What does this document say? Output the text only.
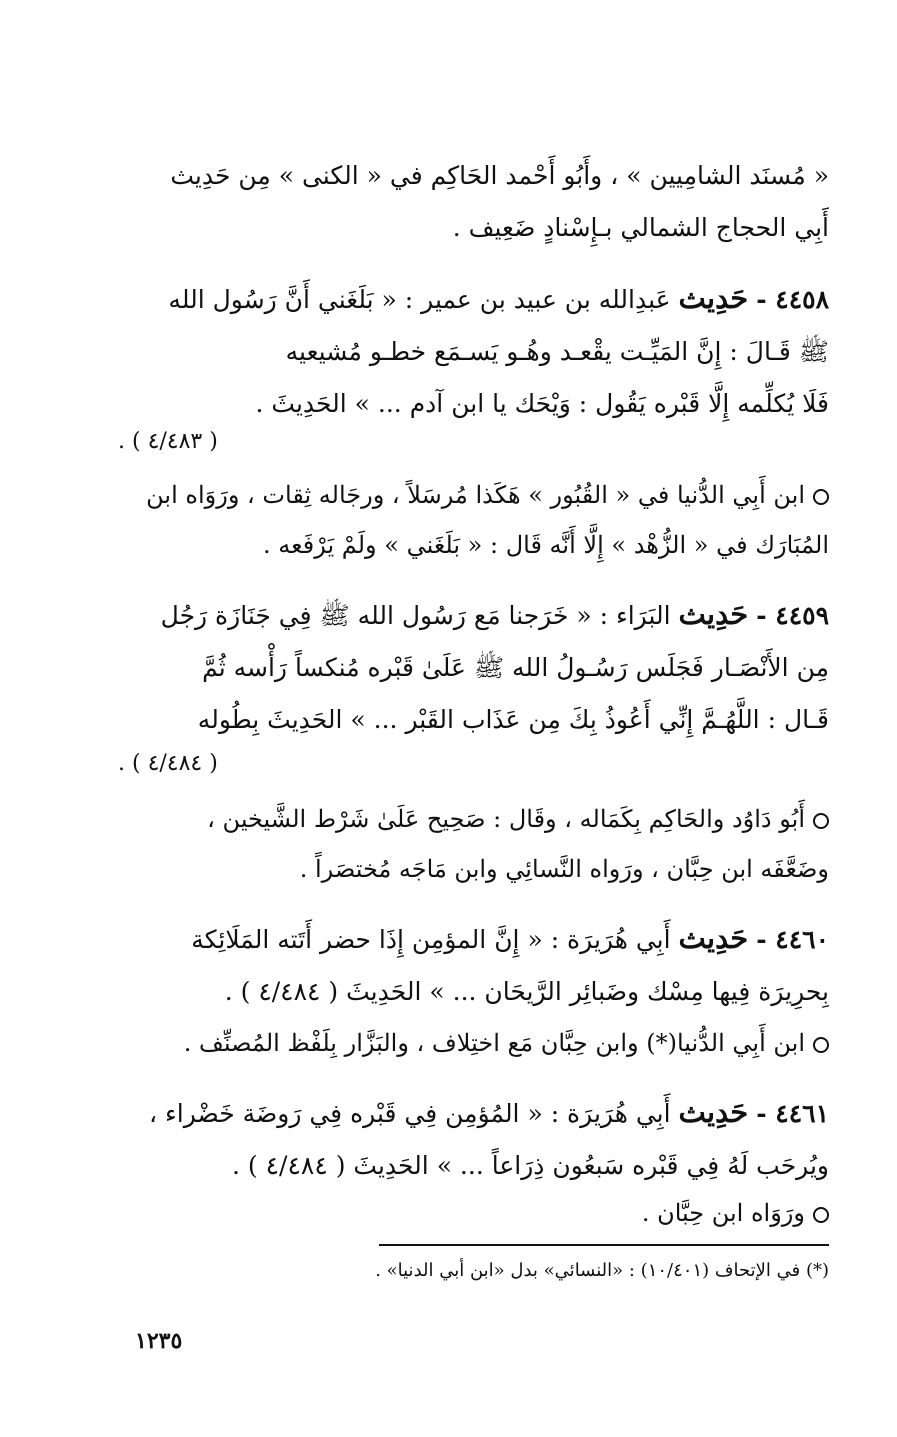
« مُسنَد الشامِيين » ، وأَبُو أَحْمد الحَاكِم في « الكنى » مِن حَدِيث
أَبِي الحجاج الشمالي بـإِسْنادٍ ضَعِيف .
٤٤٥٨ - حَدِيث عَبدِالله بن عبيد بن عمير : « بَلَغَني أَنَّ رَسُول الله
ﷺ قَـالَ : إِنَّ المَيِّـت يقْعـد وهُـو يَسـمَع خطـو مُشيعيه
فَلَا يُكلِّمه إِلَّا قَبْره يَقُول : وَيْحَك يا ابن آدم ... » الحَدِيثَ .
( ٤/٤٨٣ ) .
ابن أَبِي الدُّنيا في « القُبُور » هَكَذا مُرسَلاً ، ورجَاله ثِقات ، ورَوَاه ابن
المُبَارَك في « الزُّهْد » إِلَّا أَنَّه قَال : « بَلَغَني » ولَمْ يَرْفَعه .
٤٤٥٩ - حَدِيث البَرَاء : « خَرَجنا مَع رَسُول الله ﷺ فِي جَنَازَة رَجُل
مِن الأَنْصَـار فَجَلَس رَسُـولُ الله ﷺ عَلَىٰ قَبْره مُنكساً رَأْسه ثُمَّ
قَـال : اللَّهُـمَّ إِنِّي أَعُوذُ بِكَ مِن عَذَاب القَبْر ... » الحَدِيثَ بِطُوله
( ٤/٤٨٤ ) .
أَبُو دَاوُد والحَاكِم بِكَمَاله ، وقَال : صَحِيح عَلَىٰ شَرْط الشَّيخين ،
وضَعَّفَه ابن حِبَّان ، ورَواه النَّسائِي وابن مَاجَه مُختصَراً .
٤٤٦٠ - حَدِيث أَبِي هُرَيرَة : « إِنَّ المؤمِن إِذَا حضر أَتَته المَلَائِكة
بِحرِيرَة فِيها مِسْك وضَبائِر الرَّيحَان ... » الحَدِيثَ ( ٤/٤٨٤ ) .
ابن أَبِي الدُّنيا(*) وابن حِبَّان مَع اختِلاف ، والبَزَّار بِلَفْظ المُصنِّف .
٤٤٦١ - حَدِيث أَبِي هُرَيرَة : « المُؤمِن فِي قَبْره فِي رَوضَة خَضْراء ،
ويُرحَب لَهُ فِي قَبْره سَبعُون ذِرَاعاً ... » الحَدِيثَ ( ٤/٤٨٤ ) .
ورَوَاه ابن حِبَّان .
(*) في الإتحاف (١٠/٤٠١) : «النسائي» بدل «ابن أبي الدنيا» .
١٢٣٥
